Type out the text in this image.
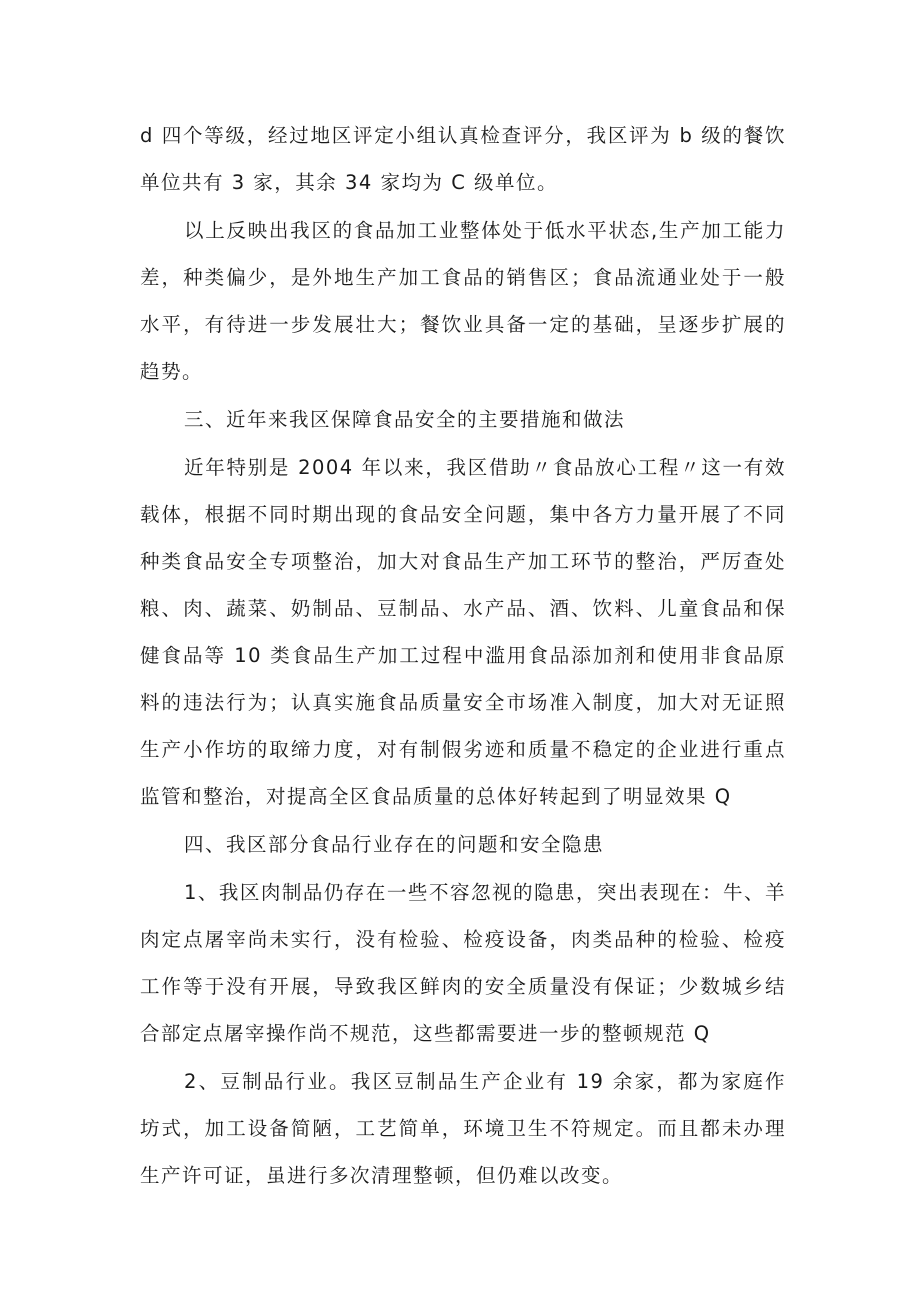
d 四个等级，经过地区评定小组认真检查评分，我区评为 b 级的餐饮单位共有 3 家，其余 34 家均为 C 级单位。

以上反映出我区的食品加工业整体处于低水平状态,生产加工能力差，种类偏少，是外地生产加工食品的销售区；食品流通业处于一般水平，有待进一步发展壮大；餐饮业具备一定的基础，呈逐步扩展的趋势。

三、近年来我区保障食品安全的主要措施和做法

近年特别是 2004 年以来，我区借助〃食品放心工程〃这一有效载体，根据不同时期出现的食品安全问题，集中各方力量开展了不同种类食品安全专项整治，加大对食品生产加工环节的整治，严厉查处粮、肉、蔬菜、奶制品、豆制品、水产品、酒、饮料、儿童食品和保健食品等 10 类食品生产加工过程中滥用食品添加剂和使用非食品原料的违法行为；认真实施食品质量安全市场准入制度，加大对无证照生产小作坊的取缔力度，对有制假劣迹和质量不稳定的企业进行重点监管和整治，对提高全区食品质量的总体好转起到了明显效果 Q

四、我区部分食品行业存在的问题和安全隐患

1、我区肉制品仍存在一些不容忽视的隐患，突出表现在：牛、羊肉定点屠宰尚未实行，没有检验、检疫设备，肉类品种的检验、检疫工作等于没有开展，导致我区鲜肉的安全质量没有保证；少数城乡结合部定点屠宰操作尚不规范，这些都需要进一步的整顿规范 Q

2、豆制品行业。我区豆制品生产企业有 19 余家，都为家庭作坊式，加工设备简陋，工艺简单，环境卫生不符规定。而且都未办理生产许可证，虽进行多次清理整顿，但仍难以改变。
